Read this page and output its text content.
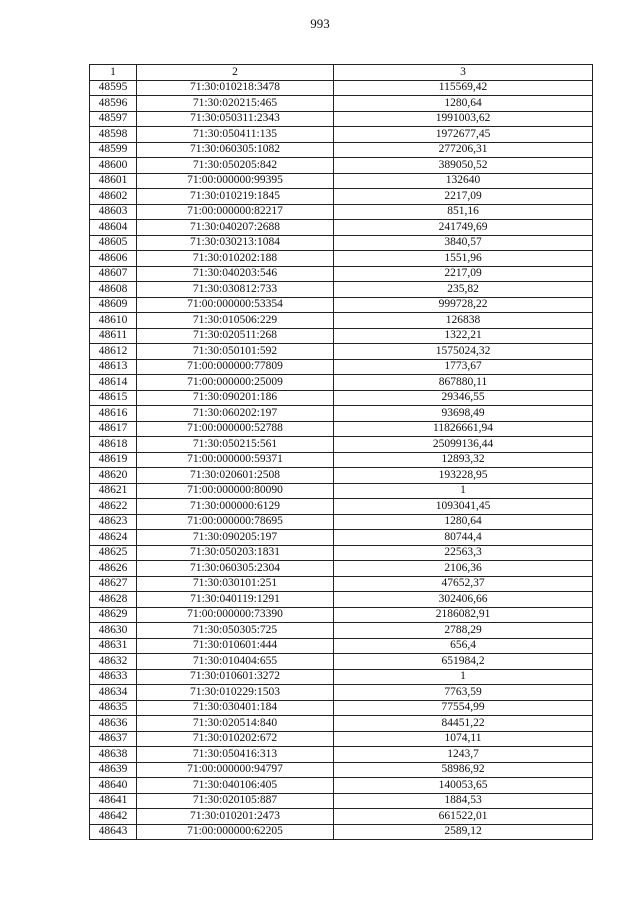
993
1	2	3
48595	71:30:010218:3478	115569,42
48596	71:30:020215:465	1280,64
48597	71:30:050311:2343	1991003,62
48598	71:30:050411:135	1972677,45
48599	71:30:060305:1082	277206,31
48600	71:30:050205:842	389050,52
48601	71:00:000000:99395	132640
48602	71:30:010219:1845	2217,09
48603	71:00:000000:82217	851,16
48604	71:30:040207:2688	241749,69
48605	71:30:030213:1084	3840,57
48606	71:30:010202:188	1551,96
48607	71:30:040203:546	2217,09
48608	71:30:030812:733	235,82
48609	71:00:000000:53354	999728,22
48610	71:30:010506:229	126838
48611	71:30:020511:268	1322,21
48612	71:30:050101:592	1575024,32
48613	71:00:000000:77809	1773,67
48614	71:00:000000:25009	867880,11
48615	71:30:090201:186	29346,55
48616	71:30:060202:197	93698,49
48617	71:00:000000:52788	11826661,94
48618	71:30:050215:561	25099136,44
48619	71:00:000000:59371	12893,32
48620	71:30:020601:2508	193228,95
48621	71:00:000000:80090	1
48622	71:30:000000:6129	1093041,45
48623	71:00:000000:78695	1280,64
48624	71:30:090205:197	80744,4
48625	71:30:050203:1831	22563,3
48626	71:30:060305:2304	2106,36
48627	71:30:030101:251	47652,37
48628	71:30:040119:1291	302406,66
48629	71:00:000000:73390	2186082,91
48630	71:30:050305:725	2788,29
48631	71:30:010601:444	656,4
48632	71:30:010404:655	651984,2
48633	71:30:010601:3272	1
48634	71:30:010229:1503	7763,59
48635	71:30:030401:184	77554,99
48636	71:30:020514:840	84451,22
48637	71:30:010202:672	1074,11
48638	71:30:050416:313	1243,7
48639	71:00:000000:94797	58986,92
48640	71:30:040106:405	140053,65
48641	71:30:020105:887	1884,53
48642	71:30:010201:2473	661522,01
48643	71:00:000000:62205	2589,12
